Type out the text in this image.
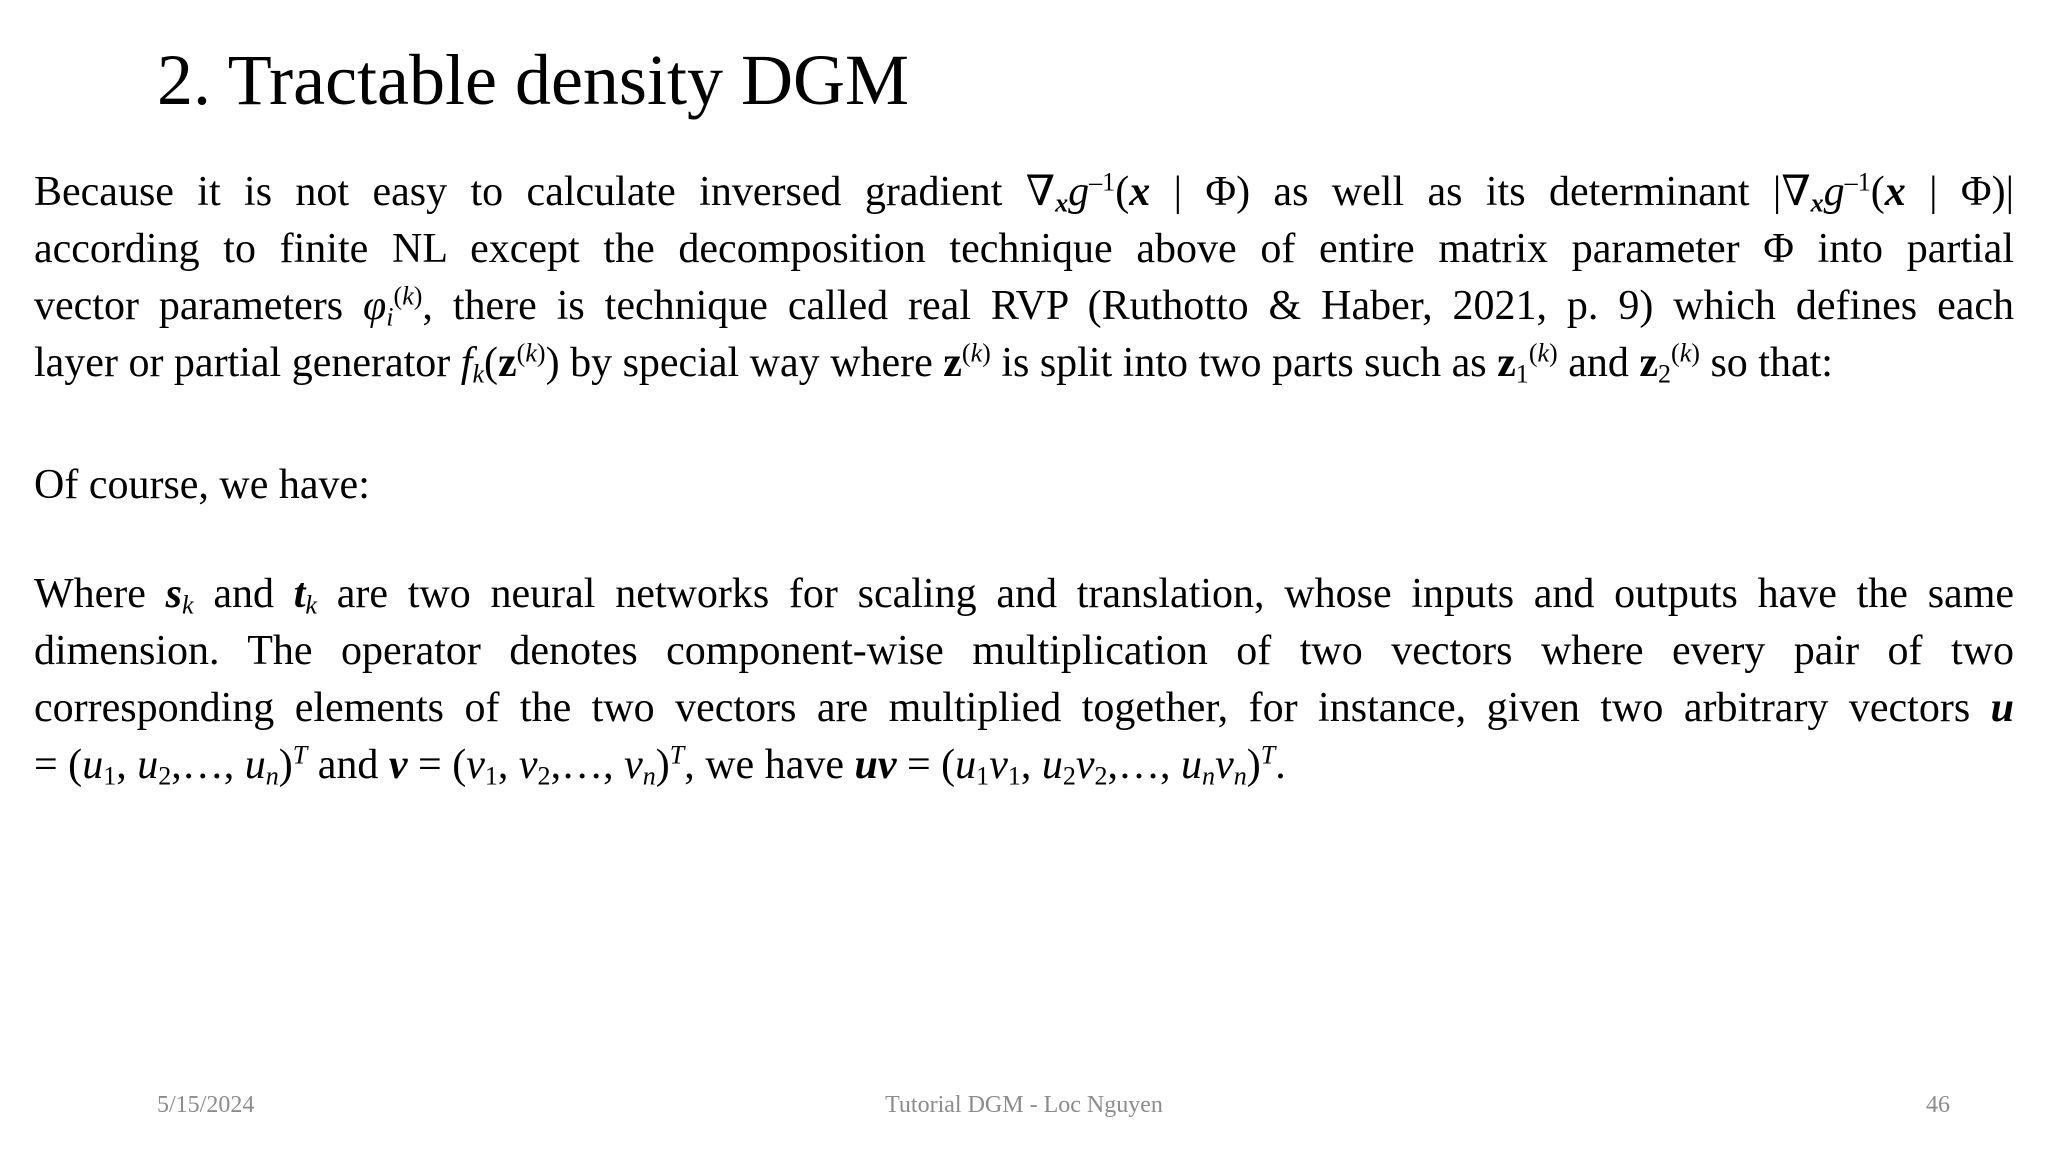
2. Tractable density DGM
Because it is not easy to calculate inversed gradient $\nabla_xg^{-1}(x$ | Φ) as well as its determinant $|\nabla_xg^{-1}(x$ | Φ)|
according to finite NL except the decomposition technique above of entire matrix parameter Φ into partial
vector parameters $\varphi_i^{(k)}$, there is technique called real RVP (Ruthotto & Haber, 2021, p. 9) which defines each
layer or partial generator $f_k(z^{(k)})$ by special way where $z^{(k)}$ is split into two parts such as $z_1^{(k)}$ and $z_2^{(k)}$ so that:
Of course, we have:
Where $s_k$ and $t_k$ are two neural networks for scaling and translation, whose inputs and outputs have the same
dimension. The operator denotes component-wise multiplication of two vectors where every pair of two
corresponding elements of the two vectors are multiplied together, for instance, given two arbitrary vectors u
= ($u_1$, $u_2,\dots$, $u_n)^T$ and $v = (v_1$, $v_2,\dots$, $v_n)^T$, we have uv = ($u_1v_1$, $u_2v_2,\dots$, $u_nv_n)^T$.
5/15/2024	Tutorial DGM - Loc Nguyen	46
